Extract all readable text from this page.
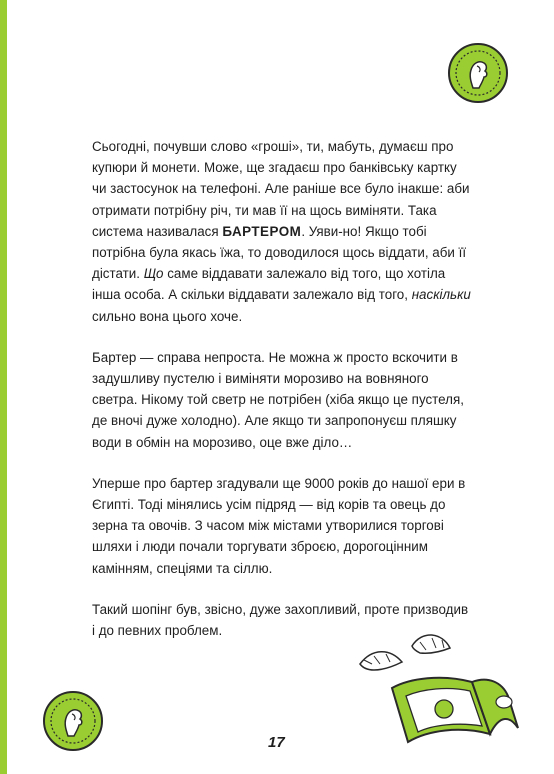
Сьогодні, почувши слово «гроші», ти, мабуть, думаєш про купюри й монети. Може, ще згадаєш про банківську картку чи застосунок на телефоні. Але раніше все було інакше: аби отримати потрібну річ, ти мав її на щось виміняти. Така система називалася БАРТЕРОМ. Уяви-но! Якщо тобі потрібна була якась їжа, то доводилося щось віддати, аби її дістати. Що саме віддавати залежало від того, що хотіла інша особа. А скільки віддавати залежало від того, наскільки сильно вона цього хоче.

Бартер — справа непроста. Не можна ж просто вскочити в задушливу пустелю і виміняти морозиво на вовняного светра. Нікому той светр не потрібен (хіба якщо це пустеля, де вночі дуже холодно). Але якщо ти запропонуєш пляшку води в обмін на морозиво, оце вже діло…

Уперше про бартер згадували ще 9000 років до нашої ери в Єгипті. Тоді мінялись усім підряд — від корів та овець до зерна та овочів. З часом між містами утворилися торгові шляхи і люди почали торгувати зброєю, дорогоцінним камінням, спеціями та сіллю.

Такий шопінг був, звісно, дуже захопливий, проте призводив і до певних проблем.

17
